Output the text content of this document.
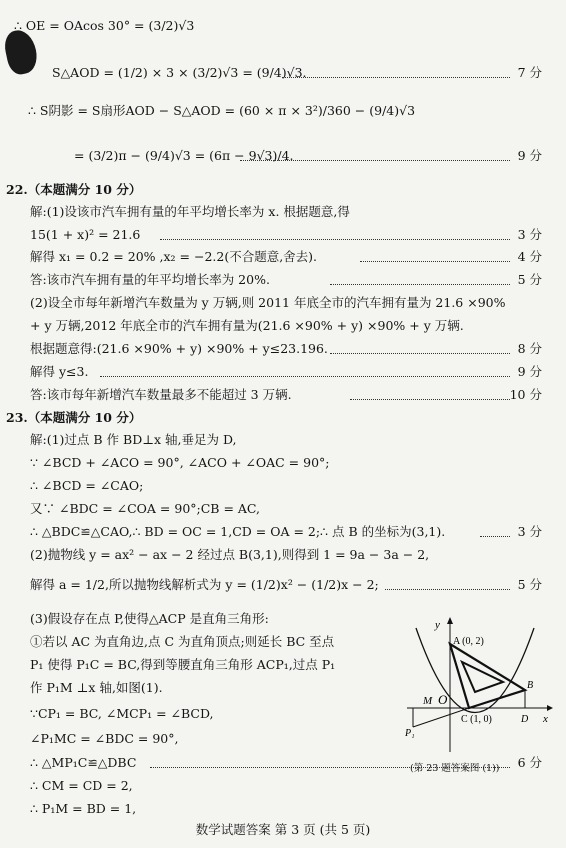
∴ OE = OAcos 30° = (3/2)√3
S△AOD = (1/2) × 3 × (3/2)√3 = (9/4)√3.
∴ S阴影 = S扇形AOD − S△AOD = (60 × π × 3²)/360 − (9/4)√3
= (3/2)π − (9/4)√3 = (6π − 9√3)/4.
22.（本题满分 10 分）
解:(1)设该市汽车拥有量的年平均增长率为 x. 根据题意,得
15(1 + x)² = 21.6
解得 x₁ = 0.2 = 20% ,x₂ = −2.2(不合题意,舍去).
答:该市汽车拥有量的年平均增长率为 20%.
(2)设全市每年新增汽车数量为 y 万辆,则 2011 年底全市的汽车拥有量为 21.6 ×90%
+ y 万辆,2012 年底全市的汽车拥有量为(21.6 ×90% + y) ×90% + y 万辆.
根据题意得:(21.6 ×90% + y) ×90% + y≤23.196.
解得 y≤3.
答:该市每年新增汽车数量最多不能超过 3 万辆.
23.（本题满分 10 分）
解:(1)过点 B 作 BD⊥x 轴,垂足为 D,
∵ ∠BCD + ∠ACO = 90°, ∠ACO + ∠OAC = 90°;
∴ ∠BCD = ∠CAO;
又∵ ∠BDC = ∠COA = 90°;CB = AC,
∴ △BDC≌△CAO,∴ BD = OC = 1,CD = OA = 2;∴ 点 B 的坐标为(3,1).
(2)抛物线 y = ax² − ax − 2 经过点 B(3,1),则得到 1 = 9a − 3a − 2,
解得 a = 1/2,所以抛物线解析式为 y = (1/2)x² − (1/2)x − 2;
(3)假设存在点 P,使得△ACP 是直角三角形:
①若以 AC 为直角边,点 C 为直角顶点;则延长 BC 至点
P₁ 使得 P₁C = BC,得到等腰直角三角形 ACP₁,过点 P₁
作 P₁M ⊥x 轴,如图(1).
∵CP₁ = BC, ∠MCP₁ = ∠BCD,
∠P₁MC = ∠BDC = 90°,
∴ △MP₁C≌△DBC
∴ CM = CD = 2,
∴ P₁M = BD = 1,
7 分
9 分
3 分
4 分
5 分
8 分
9 分
10 分
3 分
5 分
6 分
y
x
A (0, 2)
B
M O
C (1, 0)	D
P₁
(第 23 题答案图 (1))
数学试题答案 第 3 页 (共 5 页)
